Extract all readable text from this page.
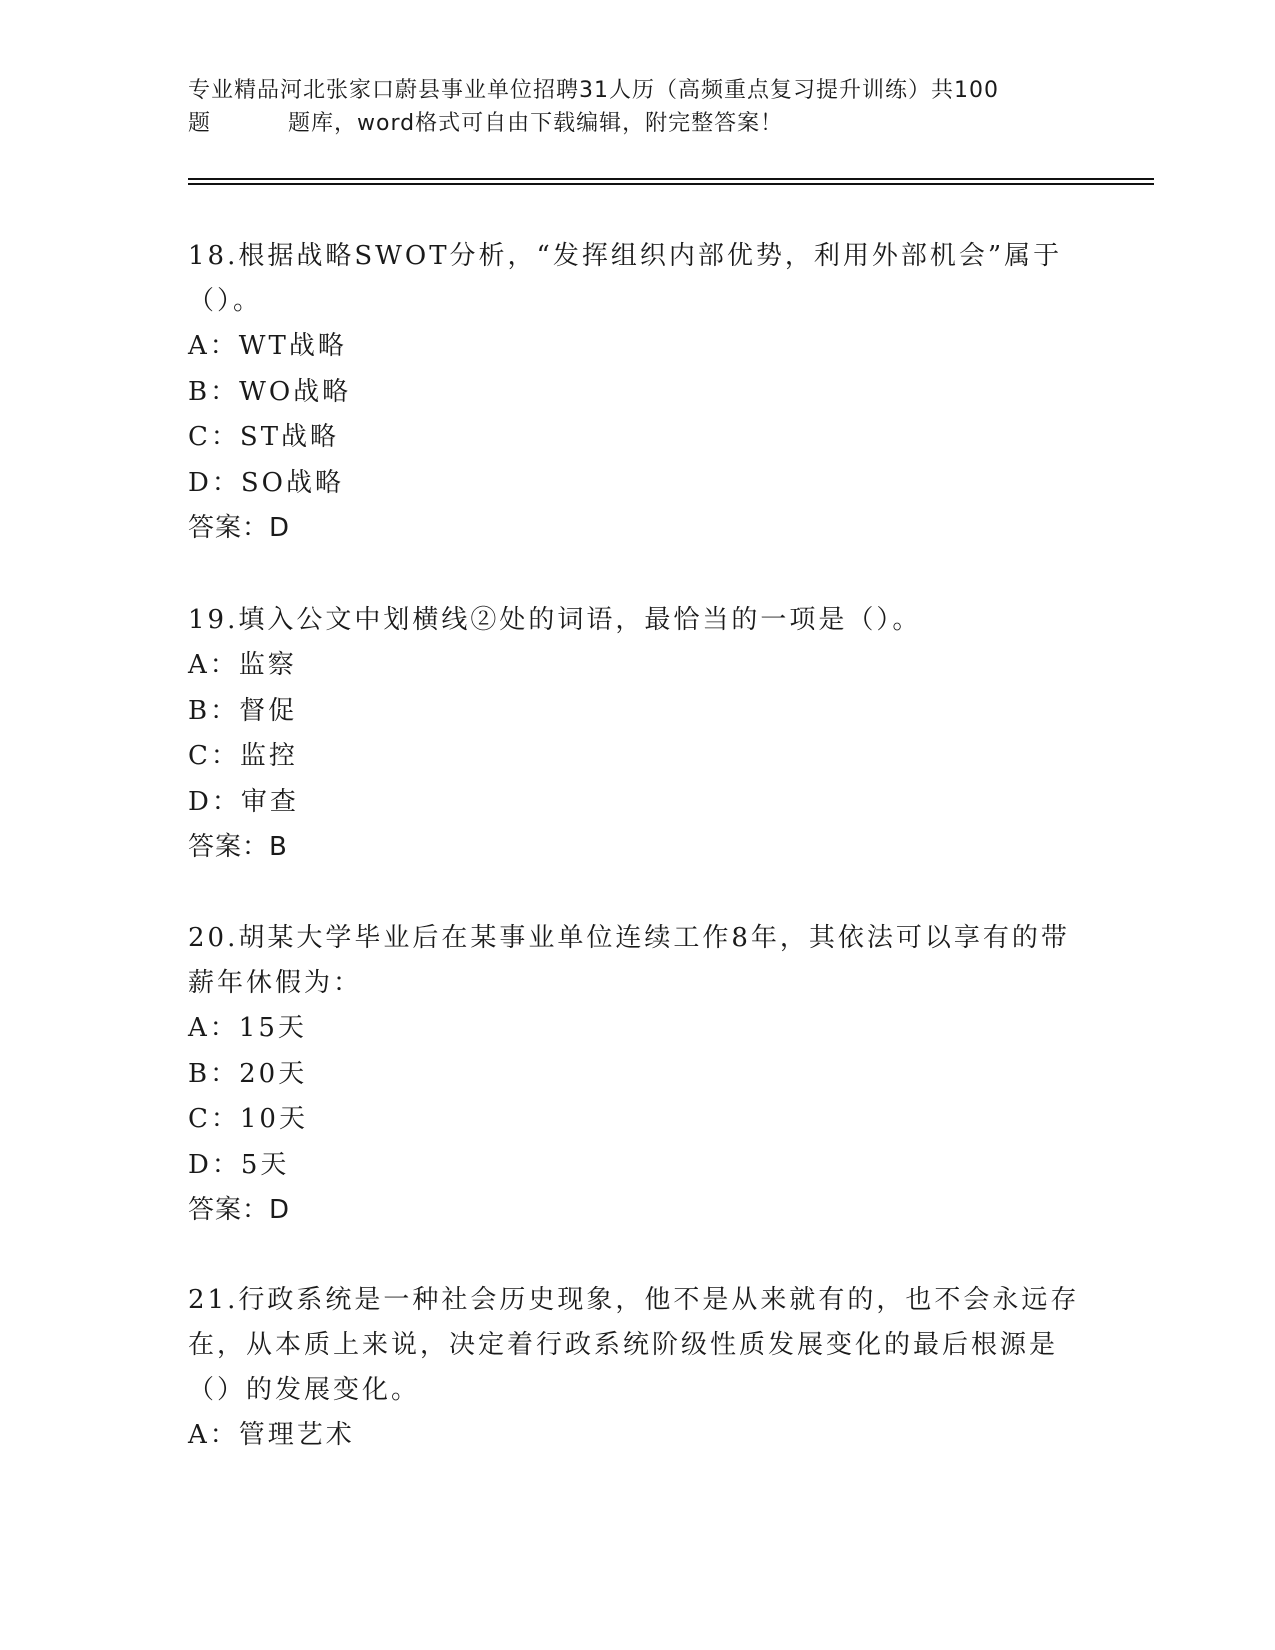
专业精品河北张家口蔚县事业单位招聘31人历（高频重点复习提升训练）共100
题	题库，word格式可自由下载编辑，附完整答案！

18.根据战略SWOT分析，“发挥组织内部优势，利用外部机会”属于（）。

A：WT战略

B：WO战略

C：ST战略

D：SO战略

答案：D

19.填入公文中划横线②处的词语，最恰当的一项是（）。

A：监察

B：督促

C：监控

D：审查

答案：B

20.胡某大学毕业后在某事业单位连续工作8年，其依法可以享有的带薪年休假为：

A：15天

B：20天

C：10天

D：5天

答案：D

21.行政系统是一种社会历史现象，他不是从来就有的，也不会永远存在，从本质上来说，决定着行政系统阶级性质发展变化的最后根源是（）的发展变化。

A：管理艺术
